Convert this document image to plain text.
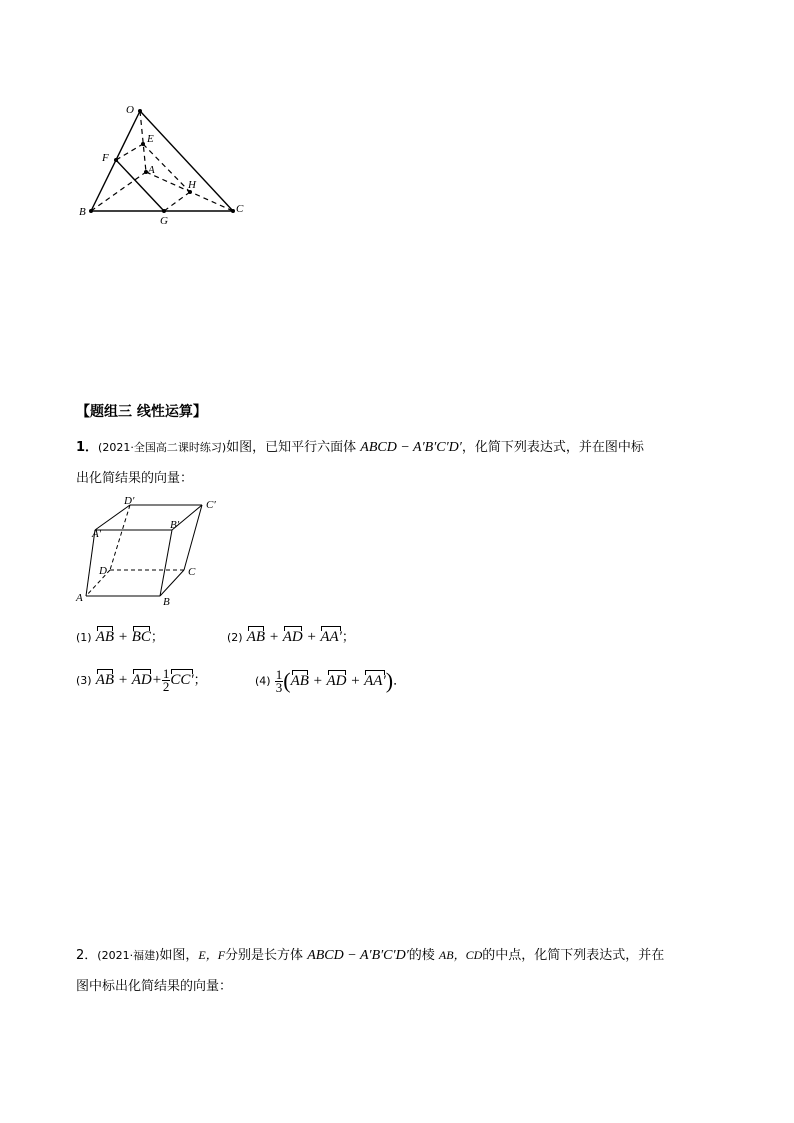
O
E
F
A
H
B
G
C
【题组三 线性运算】
1．(2021·全国高二课时练习)如图，已知平行六面体 ABCD − A′B′C′D′，化简下列表达式，并在图中标
出化简结果的向量：
D′	C′
A′
B′
D	C
A	B
(1) AB + BC；	(2) AB + AD + AA′；
(3) AB + $AD+ \frac{1}{2} CC'$；	$(4) \frac{1}{3} (AB$ + AD + AA′)．
2．(2021·福建)如图，E，F分别是长方体 ABCD − A′B′C′D′的棱 AB，CD的中点，化简下列表达式，并在
图中标出化简结果的向量：
